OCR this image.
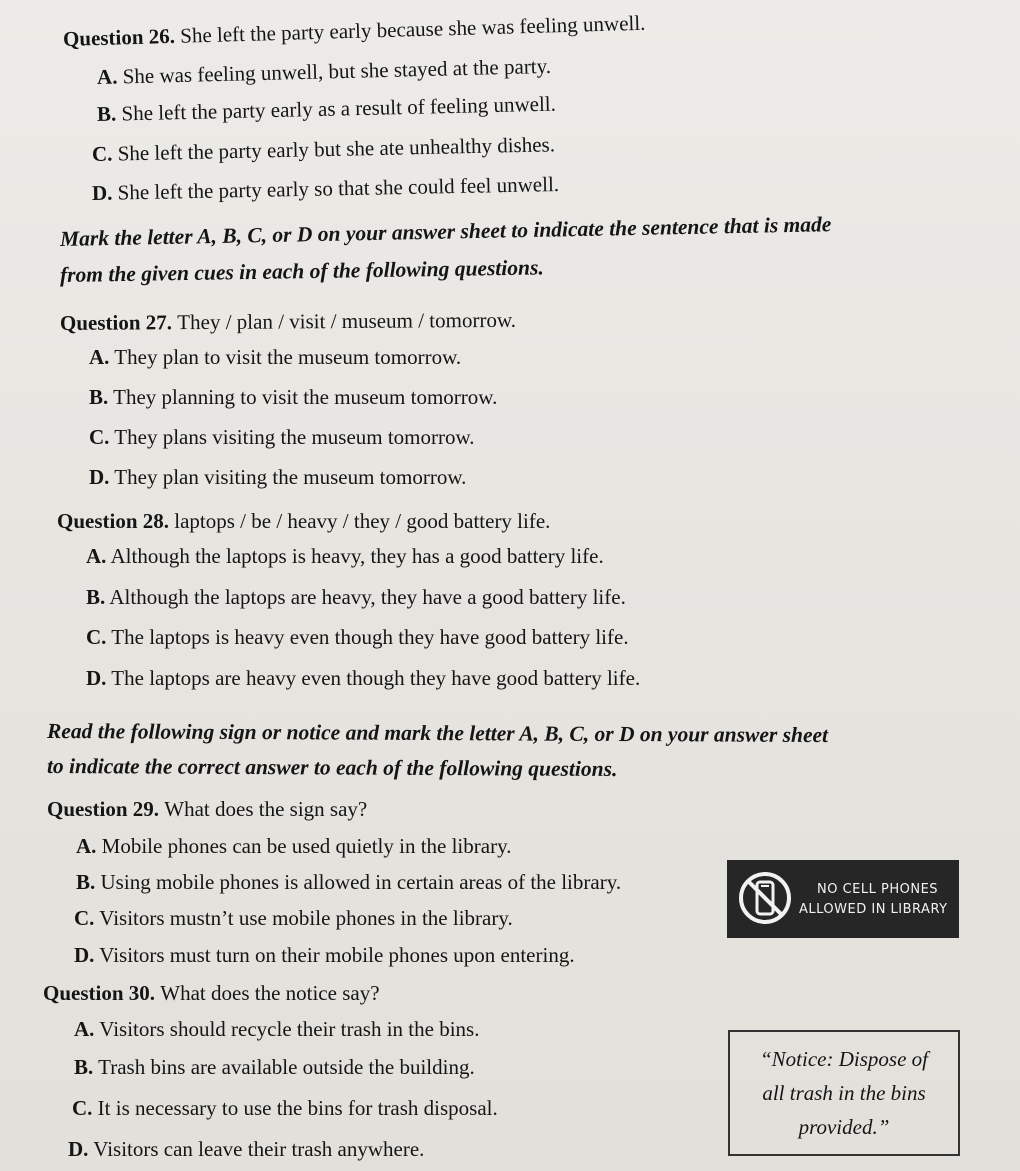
Question 26. She left the party early because she was feeling unwell.
A. She was feeling unwell, but she stayed at the party.
B. She left the party early as a result of feeling unwell.
C. She left the party early but she ate unhealthy dishes.
D. She left the party early so that she could feel unwell.
Mark the letter A, B, C, or D on your answer sheet to indicate the sentence that is made
from the given cues in each of the following questions.
Question 27. They / plan / visit / museum / tomorrow.
A. They plan to visit the museum tomorrow.
B. They planning to visit the museum tomorrow.
C. They plans visiting the museum tomorrow.
D. They plan visiting the museum tomorrow.
Question 28. laptops / be / heavy / they / good battery life.
A. Although the laptops is heavy, they has a good battery life.
B. Although the laptops are heavy, they have a good battery life.
C. The laptops is heavy even though they have good battery life.
D. The laptops are heavy even though they have good battery life.
Read the following sign or notice and mark the letter A, B, C, or D on your answer sheet
to indicate the correct answer to each of the following questions.
Question 29. What does the sign say?
A. Mobile phones can be used quietly in the library.
B. Using mobile phones is allowed in certain areas of the library.
C. Visitors mustn’t use mobile phones in the library.
D. Visitors must turn on their mobile phones upon entering.
NO CELL PHONES
ALLOWED IN LIBRARY
Question 30. What does the notice say?
A. Visitors should recycle their trash in the bins.
B. Trash bins are available outside the building.
C. It is necessary to use the bins for trash disposal.
D. Visitors can leave their trash anywhere.
“Notice: Dispose of
all trash in the bins
provided.”
